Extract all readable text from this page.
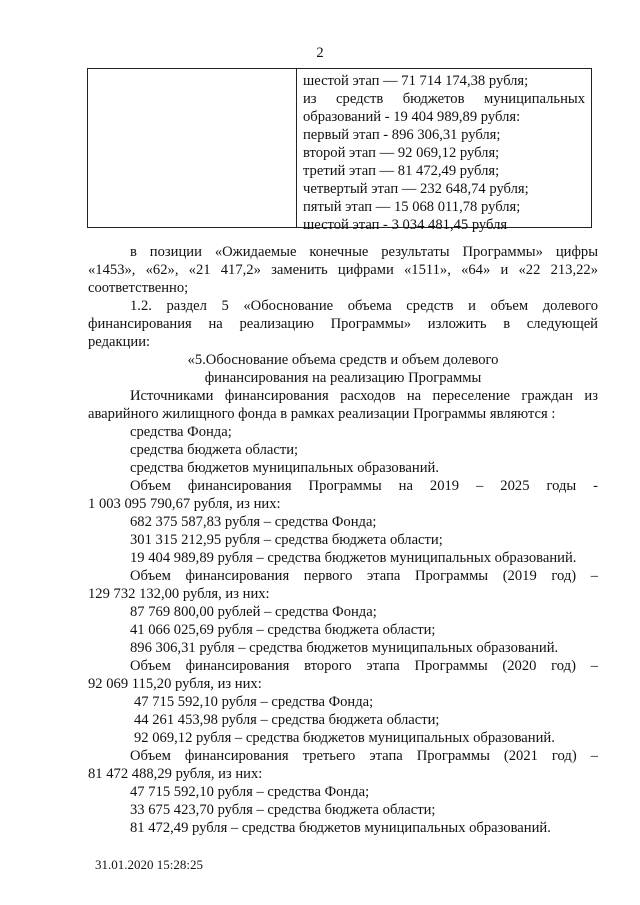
2
шестой этап — 71 714 174,38 рубля;
из средств бюджетов муниципальных
образований - 19 404 989,89 рубля:
первый этап - 896 306,31 рубля;
второй этап — 92 069,12 рубля;
третий этап — 81 472,49 рубля;
четвертый этап — 232 648,74 рубля;
пятый этап — 15 068 011,78 рубля;
шестой этап - 3 034 481,45 рубля
в позиции «Ожидаемые конечные результаты Программы» цифры
«1453», «62», «21 417,2» заменить цифрами «1511», «64» и «22 213,22»
соответственно;
1.2. раздел 5 «Обоснование объема средств и объем долевого
финансирования на реализацию Программы» изложить в следующей
редакции:
«5.Обоснование объема средств и объем долевого
финансирования на реализацию Программы
Источниками финансирования расходов на переселение граждан из
аварийного жилищного фонда в рамках реализации Программы являются :
средства Фонда;
средства бюджета области;
средства бюджетов муниципальных образований.
Объем финансирования Программы на 2019 – 2025 годы -
1 003 095 790,67 рубля, из них:
682 375 587,83 рубля – средства Фонда;
301 315 212,95 рубля – средства бюджета области;
19 404 989,89 рубля – средства бюджетов муниципальных образований.
Объем финансирования первого этапа Программы (2019 год) –
129 732 132,00 рубля, из них:
87 769 800,00 рублей – средства Фонда;
41 066 025,69 рубля – средства бюджета области;
896 306,31 рубля – средства бюджетов муниципальных образований.
Объем финансирования второго этапа Программы (2020 год) –
92 069 115,20 рубля, из них:
47 715 592,10 рубля – средства Фонда;
44 261 453,98 рубля – средства бюджета области;
92 069,12 рубля – средства бюджетов муниципальных образований.
Объем финансирования третьего этапа Программы (2021 год) –
81 472 488,29 рубля, из них:
47 715 592,10 рубля – средства Фонда;
33 675 423,70 рубля – средства бюджета области;
81 472,49 рубля – средства бюджетов муниципальных образований.
31.01.2020 15:28:25
